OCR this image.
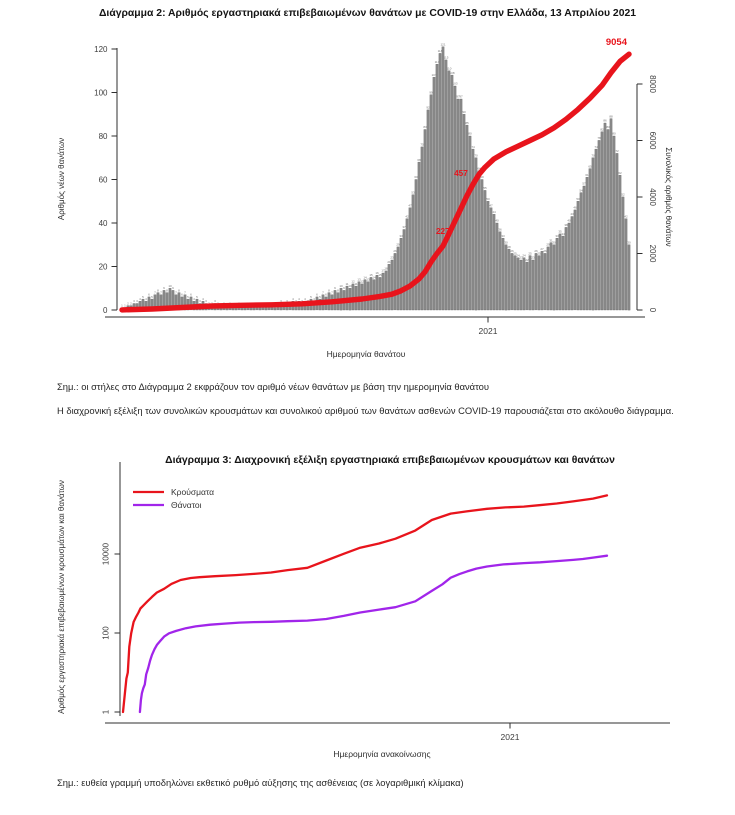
Διάγραμμα 2: Αριθμός εργαστηριακά επιβεβαιωμένων θανάτων με COVID-19 στην Ελλάδα, 13 Απριλίου 2021
Αριθμός νέων θανάτων	Συνολικός αριθμός θανάτων
Ημερομηνία θανάτου
0
20
40
60
80
100
120
0
2000
4000
6000
8000
2021
1 1
2 2
3 3
4
5
4
6
5
7
8
7
9
8
10
9
7
8
6
7
5
6
4
5
3
4
3
2 2
3
2
1
2
1
2
1 1
2
1 1
2
1 1
2
1
2
1
2 2
1
2
3
2
3
2
4
3
4
3
4
3
5
4
6
5
7
6
8
7
9
8
10
9
11
10
12
11
13
12
14
13
15
14
16
15
17
18
21
23
26
29
33
37
42
47
53
60
68
75
83
92
99
107
113
118
121
115
110
108
103
97 97
90
85
80
74
70
64
60
55
50
47
44
40
36
33
30
28
26
25
24
23
24
22
25
23
26
25
27
26
29
31
30
33
35
34
38
40
43
46
50
54
57
61
65
70
74
78
82
86
83
88
80
72
62
52
42
30
9054
457
227
Σημ.: οι στήλες στο Διάγραμμα 2 εκφράζουν τον αριθμό νέων θανάτων με βάση την ημερομηνία θανάτου
Η διαχρονική εξέλιξη των συνολικών κρουσμάτων και συνολικού αριθμού των θανάτων ασθενών COVID-19 παρουσιάζεται στο ακόλουθο διάγραμμα.
Διάγραμμα 3: Διαχρονική εξέλιξη εργαστηριακά επιβεβαιωμένων κρουσμάτων και θανάτων
Αριθμός εργαστηριακά επιβεβαιωμένων κρουσμάτων και θανάτων
Ημερομηνία ανακοίνωσης
1
100
10000
2021
Κρούσματα
Θάνατοι
Σημ.: ευθεία γραμμή υποδηλώνει εκθετικό ρυθμό αύξησης της ασθένειας (σε λογαριθμική κλίμακα)
